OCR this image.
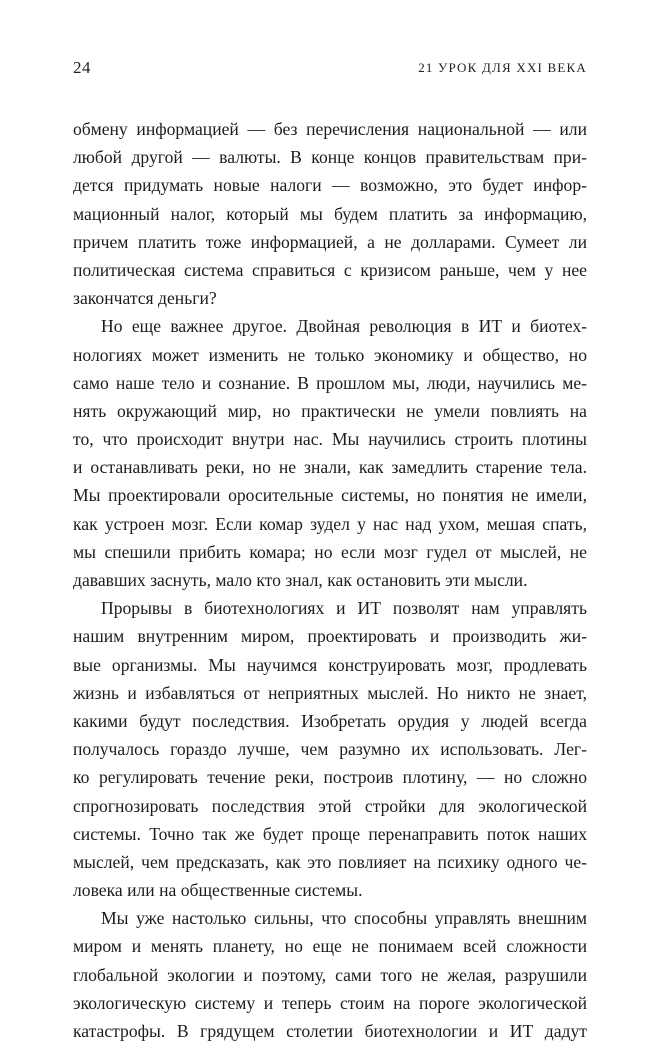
24	21 УРОК ДЛЯ XXI ВЕКА

обмену информацией — без перечисления национальной — или
любой другой — валюты. В конце концов правительствам при-
дется придумать новые налоги — возможно, это будет инфор-
мационный налог, который мы будем платить за информацию,
причем платить тоже информацией, а не долларами. Сумеет ли
политическая система справиться с кризисом раньше, чем у нее
закончатся деньги?

Но еще важнее другое. Двойная революция в ИТ и биотех-
нологиях может изменить не только экономику и общество, но
само наше тело и сознание. В прошлом мы, люди, научились ме-
нять окружающий мир, но практически не умели повлиять на
то, что происходит внутри нас. Мы научились строить плотины
и останавливать реки, но не знали, как замедлить старение тела.
Мы проектировали оросительные системы, но понятия не имели,
как устроен мозг. Если комар зудел у нас над ухом, мешая спать,
мы спешили прибить комара; но если мозг гудел от мыслей, не
дававших заснуть, мало кто знал, как остановить эти мысли.

Прорывы в биотехнологиях и ИТ позволят нам управлять
нашим внутренним миром, проектировать и производить жи-
вые организмы. Мы научимся конструировать мозг, продлевать
жизнь и избавляться от неприятных мыслей. Но никто не знает,
какими будут последствия. Изобретать орудия у людей всегда
получалось гораздо лучше, чем разумно их использовать. Лег-
ко регулировать течение реки, построив плотину, — но сложно
спрогнозировать последствия этой стройки для экологической
системы. Точно так же будет проще перенаправить поток наших
мыслей, чем предсказать, как это повлияет на психику одного че-
ловека или на общественные системы.

Мы уже настолько сильны, что способны управлять внешним
миром и менять планету, но еще не понимаем всей сложности
глобальной экологии и поэтому, сами того не желая, разрушили
экологическую систему и теперь стоим на пороге экологической
катастрофы. В грядущем столетии биотехнологии и ИТ дадут
